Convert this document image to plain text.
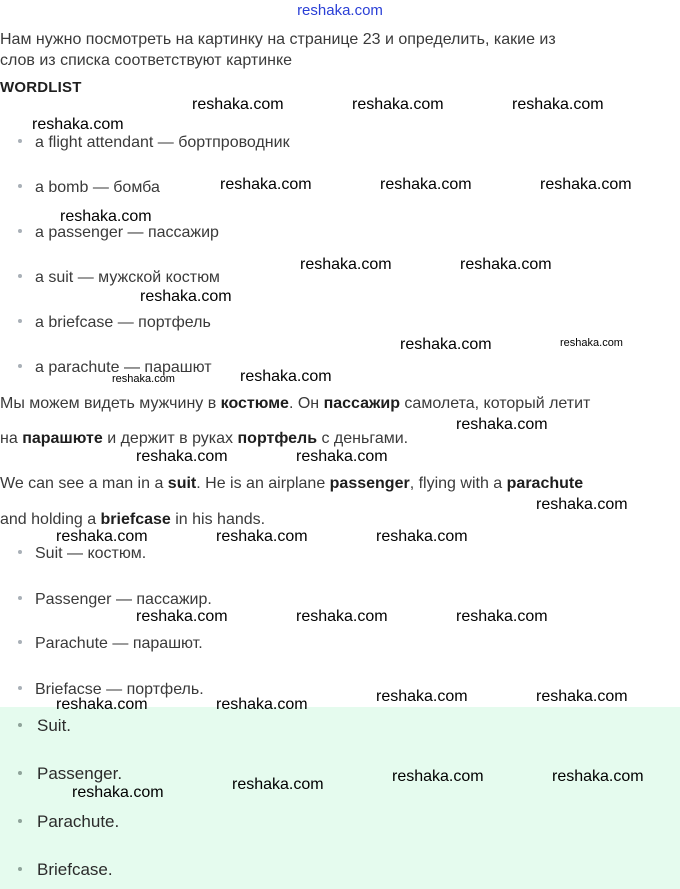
reshaka.com
Нам нужно посмотреть на картинку на странице 23 и определить, какие из
слов из списка соответствуют картинке
WORDLIST
a flight attendant — бортпроводник
a bomb — бомба
a passenger — пассажир
a suit — мужской костюм
a briefcase — портфель
a parachute — парашют
Мы можем видеть мужчину в костюме. Он пассажир самолета, который летит
на парашюте и держит в руках портфель с деньгами.
We can see a man in a suit. He is an airplane passenger, flying with a parachute
and holding a briefcase in his hands.
Suit — костюм.
Passenger — пассажир.
Parachute — парашют.
Briefacse — портфель.
Suit.
Passenger.
Parachute.
Briefcase.
reshaka.com	reshaka.com	reshaka.com
reshaka.com
reshaka.com	reshaka.com	reshaka.com
reshaka.com
reshaka.com	reshaka.com
reshaka.com
reshaka.com	reshaka.com
reshaka.com	reshaka.com
reshaka.com
reshaka.com	reshaka.com
reshaka.com
reshaka.com	reshaka.com	reshaka.com
reshaka.com	reshaka.com	reshaka.com
reshaka.com	reshaka.com
reshaka.com	reshaka.com
reshaka.com	reshaka.com
reshaka.com
reshaka.com
